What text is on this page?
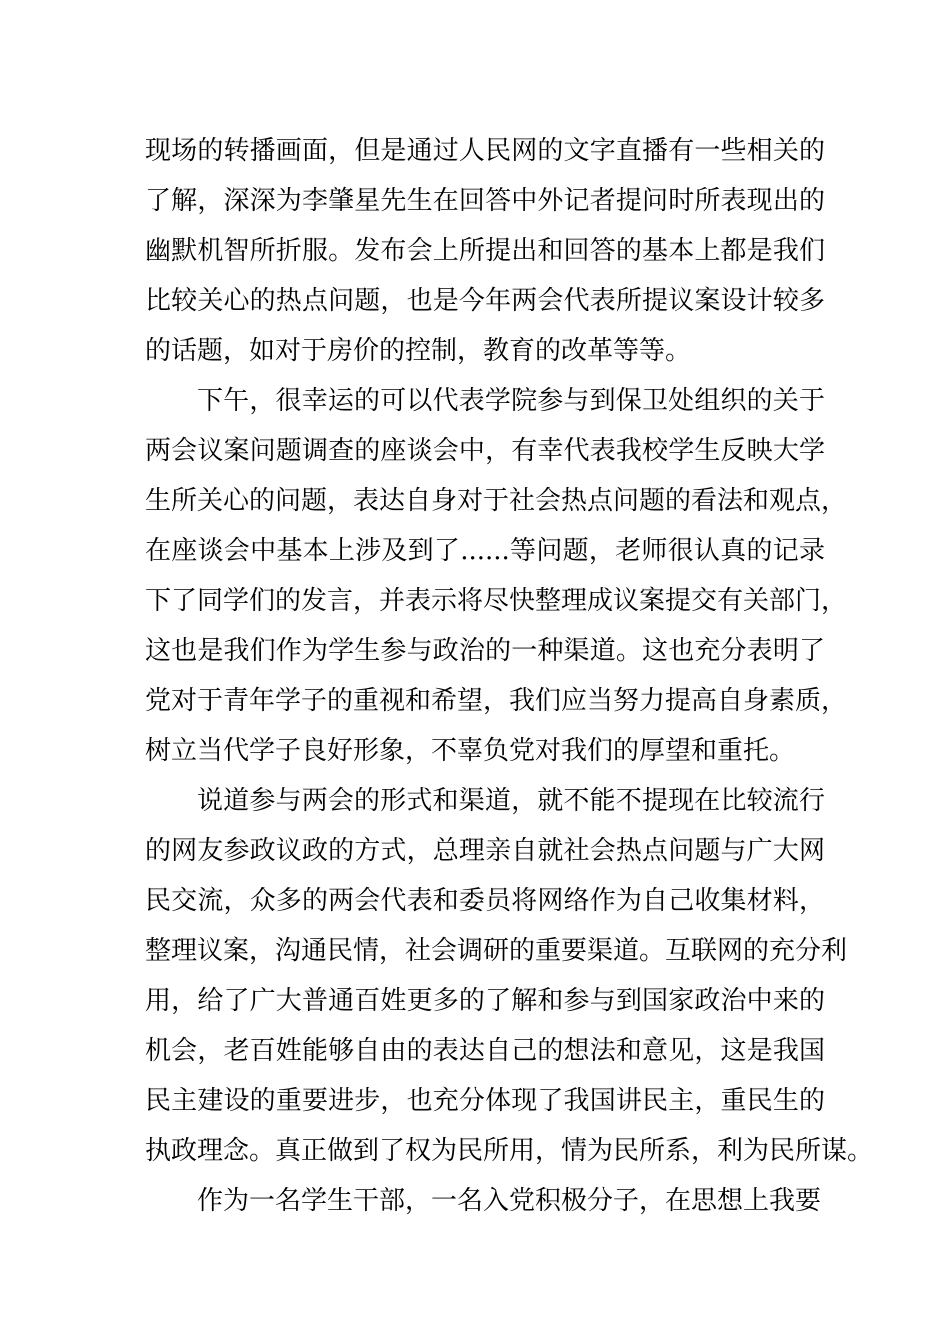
现场的转播画面，但是通过人民网的文字直播有一些相关的
了解，深深为李肇星先生在回答中外记者提问时所表现出的
幽默机智所折服。发布会上所提出和回答的基本上都是我们
比较关心的热点问题，也是今年两会代表所提议案设计较多
的话题，如对于房价的控制，教育的改革等等。
下午，很幸运的可以代表学院参与到保卫处组织的关于
两会议案问题调查的座谈会中，有幸代表我校学生反映大学
生所关心的问题，表达自身对于社会热点问题的看法和观点，
在座谈会中基本上涉及到了......等问题，老师很认真的记录
下了同学们的发言，并表示将尽快整理成议案提交有关部门，
这也是我们作为学生参与政治的一种渠道。这也充分表明了
党对于青年学子的重视和希望，我们应当努力提高自身素质，
树立当代学子良好形象，不辜负党对我们的厚望和重托。
说道参与两会的形式和渠道，就不能不提现在比较流行
的网友参政议政的方式，总理亲自就社会热点问题与广大网
民交流，众多的两会代表和委员将网络作为自己收集材料，
整理议案，沟通民情，社会调研的重要渠道。互联网的充分利
用，给了广大普通百姓更多的了解和参与到国家政治中来的
机会，老百姓能够自由的表达自己的想法和意见，这是我国
民主建设的重要进步，也充分体现了我国讲民主，重民生的
执政理念。真正做到了权为民所用，情为民所系，利为民所谋。
作为一名学生干部，一名入党积极分子，在思想上我要
